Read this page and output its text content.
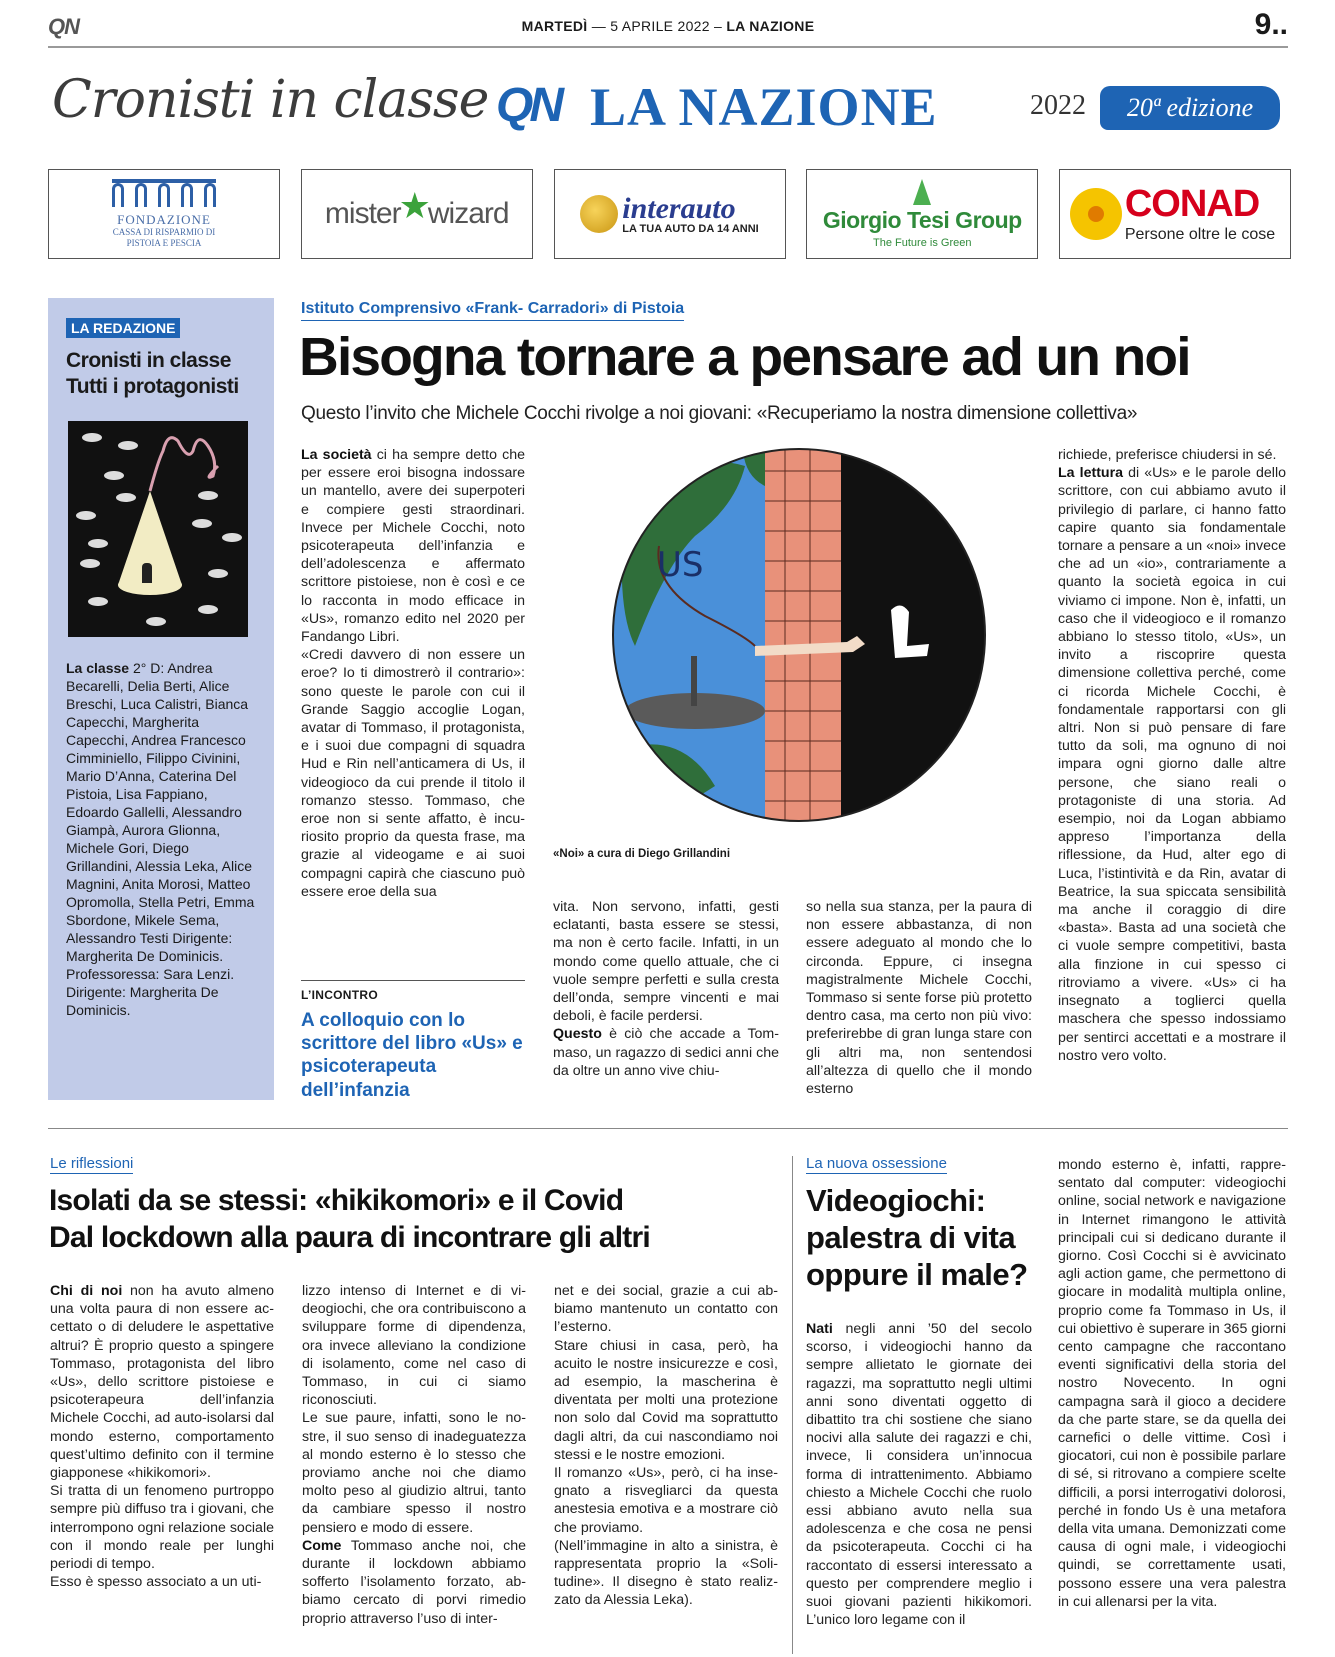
QN	MARTEDÌ — 5 APRILE 2022 – LA NAZIONE	9..
Cronisti in classe QN LA NAZIONE	2022	20ª edizione
FONDAZIONE
CASSA DI RISPARMIO DI PISTOIA E PESCIA
mister
★
wizard	interauto
LA TUA AUTO DA 14 ANNI	Giorgio Tesi Group
The Future is Green
CONAD
Persone oltre le cose
LA REDAZIONE
Cronisti in classe
Tutti i protagonisti

La classe 2° D: Andrea Becarelli, Delia Berti, Alice Breschi, Luca Calistri, Bianca Capecchi, Margherita Capecchi, Andrea Francesco Cimminiello, Filippo Civinini, Mario D’Anna, Caterina Del Pistoia, Lisa Fappiano, Edoardo Gallelli, Alessandro Giampà, Aurora Glionna, Michele Gori, Diego Grillandini, Alessia Leka, Alice Magnini, Anita Morosi, Matteo Opromolla, Stella Petri, Emma Sbordone, Mikele Sema, Alessandro Testi Dirigente: Margherita De Dominicis. Professoressa: Sara Lenzi. Dirigente: Margherita De Dominicis.

Istituto Comprensivo «Frank- Carradori» di Pistoia
Bisogna tornare a pensare ad un noi
Questo l’invito che Michele Cocchi rivolge a noi giovani: «Recuperiamo la nostra dimensione collettiva»

La società ci ha sempre detto che per essere eroi bisogna indossare un mantello, avere dei superpoteri e compiere gesti straordinari. Invece per Michele Cocchi, noto psicoterapeuta dell’infanzia e dell’adolescenza e affermato scrittore pistoiese, non è così e ce lo racconta in modo efficace in «Us», romanzo edito nel 2020 per Fandango Libri.

«Credi davvero di non essere un eroe? Io ti dimostrerò il contrario»: sono queste le parole con cui il Grande Saggio accoglie Logan, avatar di Tommaso, il protagonista, e i suoi due compagni di squadra Hud e Rin nell’anticamera di Us, il videogioco da cui prende il titolo il romanzo stesso. Tommaso, che eroe non si sente affatto, è incuriosito proprio da questa frase, ma grazie al videogame e ai suoi compagni capirà che ciascuno può essere eroe della sua

L’INCONTRO
A colloquio con lo scrittore del libro «Us» e psicoterapeuta dell’infanzia
US
«Noi» a cura di Diego Grillandini

vita. Non servono, infatti, gesti eclatanti, basta essere se stessi, ma non è certo facile. Infatti, in un mondo come quello attuale, che ci vuole sempre perfetti e sulla cresta dell’onda, sempre vincenti e mai deboli, è facile perdersi.

Questo è ciò che accade a Tommaso, un ragazzo di sedici anni che da oltre un anno vive chiu-

so nella sua stanza, per la paura di non essere abbastanza, di non essere adeguato al mondo che lo circonda. Eppure, ci insegna magistralmente Michele Cocchi, Tommaso si sente forse più protetto dentro casa, ma certo non più vivo: preferirebbe di gran lunga stare con gli altri ma, non sentendosi all’altezza di quello che il mondo esterno

richiede, preferisce chiudersi in sé.

La lettura di «Us» e le parole dello scrittore, con cui abbiamo avuto il privilegio di parlare, ci hanno fatto capire quanto sia fondamentale tornare a pensare a un «noi» invece che ad un «io», contrariamente a quanto la società egoica in cui viviamo ci impone. Non è, infatti, un caso che il videogioco e il romanzo abbiano lo stesso titolo, «Us», un invito a riscoprire questa dimensione collettiva perché, come ci ricorda Michele Cocchi, è fondamentale rapportarsi con gli altri. Non si può pensare di fare tutto da soli, ma ognuno di noi impara ogni giorno dalle altre persone, che siano reali o protagoniste di una storia. Ad esempio, noi da Logan abbiamo appreso l’importanza della riflessione, da Hud, alter ego di Luca, l’istintività e da Rin, avatar di Beatrice, la sua spiccata sensibilità ma anche il coraggio di dire «basta». Basta ad una società che ci vuole sempre competitivi, basta alla finzione in cui spesso ci ritroviamo a vivere. «Us» ci ha insegnato a toglierci quella maschera che spesso indossiamo per sentirci accettati e a mostrare il nostro vero volto.

Le riflessioni
Isolati da se stessi: «hikikomori» e il Covid
Dal lockdown alla paura di incontrare gli altri

Chi di noi non ha avuto almeno una volta paura di non essere accettato o di deludere le aspettative altrui? È proprio questo a spingere Tommaso, protagonista del libro «Us», dello scrittore pistoiese e psicoterapeura dell’infanzia Michele Cocchi, ad auto-isolarsi dal mondo esterno, comportamento quest’ultimo definito con il termine giapponese «hikikomori».

Si tratta di un fenomeno purtroppo sempre più diffuso tra i giovani, che interrompono ogni relazione sociale con il mondo reale per lunghi periodi di tempo.

Esso è spesso associato a un uti-

lizzo intenso di Internet e di videogiochi, che ora contribuiscono a sviluppare forme di dipendenza, ora invece alleviano la condizione di isolamento, come nel caso di Tommaso, in cui ci siamo riconosciuti.

Le sue paure, infatti, sono le nostre, il suo senso di inadeguatezza al mondo esterno è lo stesso che proviamo anche noi che diamo molto peso al giudizio altrui, tanto da cambiare spesso il nostro pensiero e modo di essere.

Come Tommaso anche noi, che durante il lockdown abbiamo sofferto l’isolamento forzato, abbiamo cercato di porvi rimedio proprio attraverso l’uso di inter-

net e dei social, grazie a cui abbiamo mantenuto un contatto con l’esterno.

Stare chiusi in casa, però, ha acuito le nostre insicurezze e così, ad esempio, la mascherina è diventata per molti una protezione non solo dal Covid ma soprattutto dagli altri, da cui nascondiamo noi stessi e le nostre emozioni.

Il romanzo «Us», però, ci ha insegnato a risvegliarci da questa anestesia emotiva e a mostrare ciò che proviamo.

(Nell’immagine in alto a sinistra, è rappresentata proprio la «Solitudine». Il disegno è stato realizzato da Alessia Leka).

La nuova ossessione
Videogiochi: palestra di vita oppure il male?

Nati negli anni ’50 del secolo scorso, i videogiochi hanno da sempre allietato le giornate dei ragazzi, ma soprattutto negli ultimi anni sono diventati oggetto di dibattito tra chi sostiene che siano nocivi alla salute dei ragazzi e chi, invece, li considera un’innocua forma di intrattenimento. Abbiamo chiesto a Michele Cocchi che ruolo essi abbiano avuto nella sua adolescenza e che cosa ne pensi da psicoterapeuta. Cocchi ci ha raccontato di essersi interessato a questo per comprendere meglio i suoi giovani pazienti hikikomori. L’unico loro legame con il

mondo esterno è, infatti, rappresentato dal computer: videogiochi online, social network e navigazione in Internet rimangono le attività principali cui si dedicano durante il giorno. Così Cocchi si è avvicinato agli action game, che permettono di giocare in modalità multipla online, proprio come fa Tommaso in Us, il cui obiettivo è superare in 365 giorni cento campagne che raccontano eventi significativi della storia del nostro Novecento. In ogni campagna sarà il gioco a decidere da che parte stare, se da quella dei carnefici o delle vittime. Così i giocatori, cui non è possibile parlare di sé, si ritrovano a compiere scelte difficili, a porsi interrogativi dolorosi, perché in fondo Us è una metafora della vita umana. Demonizzati come causa di ogni male, i videogiochi quindi, se correttamente usati, possono essere una vera palestra in cui allenarsi per la vita.
